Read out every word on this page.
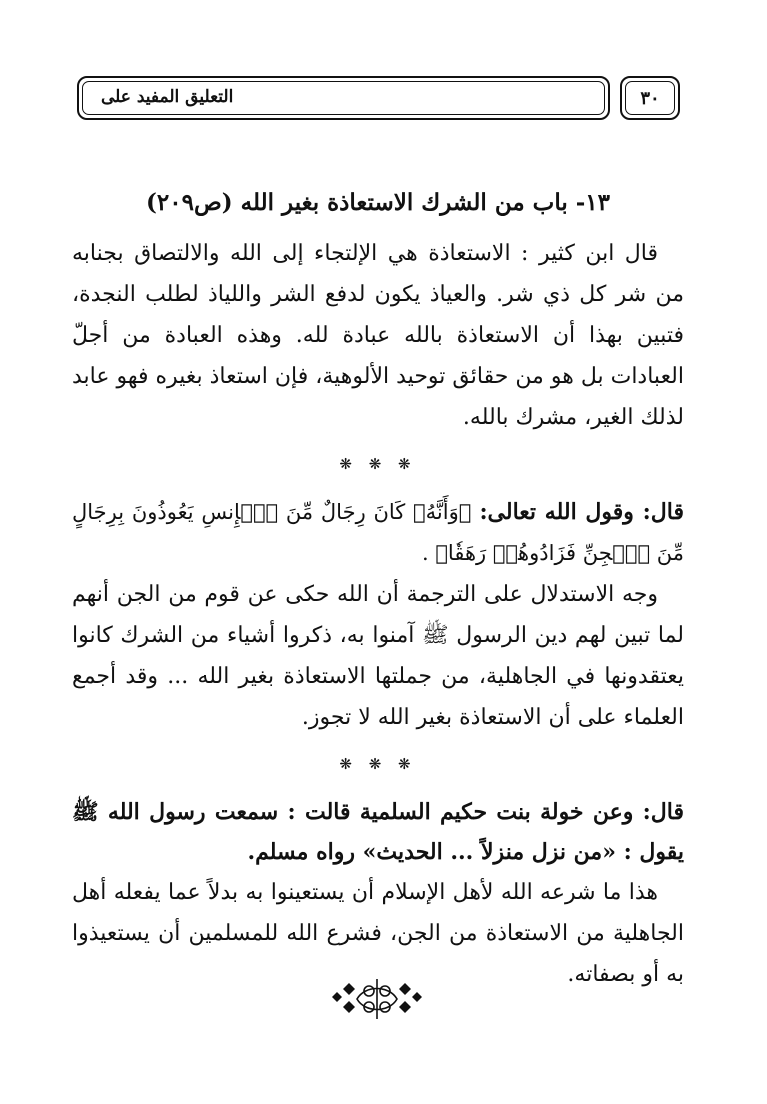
التعليق المفيد على	٣٠
١٣- باب من الشرك الاستعاذة بغير الله (ص٢٠٩)

قال ابن كثير : الاستعاذة هي الإلتجاء إلى الله والالتصاق بجنابه من شر كل ذي شر. والعياذ يكون لدفع الشر واللياذ لطلب النجدة، فتبين بهذا أن الاستعاذة بالله عبادة لله. وهذه العبادة من أجلّ العبادات بل هو من حقائق توحيد الألوهية، فإن استعاذ بغيره فهو عابد لذلك الغير، مشرك بالله.

❋ ❋ ❋

قال: وقول الله تعالى: ﴿وَأَنَّهُۥ كَانَ رِجَالٌ مِّنَ ٱلۡإِنسِ يَعُوذُونَ بِرِجَالٍ مِّنَ ٱلۡجِنِّ فَزَادُوهُمۡ رَهَقٗا﴾ .

وجه الاستدلال على الترجمة أن الله حكى عن قوم من الجن أنهم لما تبين لهم دين الرسول ﷺ آمنوا به، ذكروا أشياء من الشرك كانوا يعتقدونها في الجاهلية، من جملتها الاستعاذة بغير الله ... وقد أجمع العلماء على أن الاستعاذة بغير الله لا تجوز.

❋ ❋ ❋

قال: وعن خولة بنت حكيم السلمية قالت : سمعت رسول الله ﷺ يقول : «من نزل منزلاً ... الحديث» رواه مسلم.

هذا ما شرعه الله لأهل الإسلام أن يستعينوا به بدلاً عما يفعله أهل الجاهلية من الاستعاذة من الجن، فشرع الله للمسلمين أن يستعيذوا به أو بصفاته.
